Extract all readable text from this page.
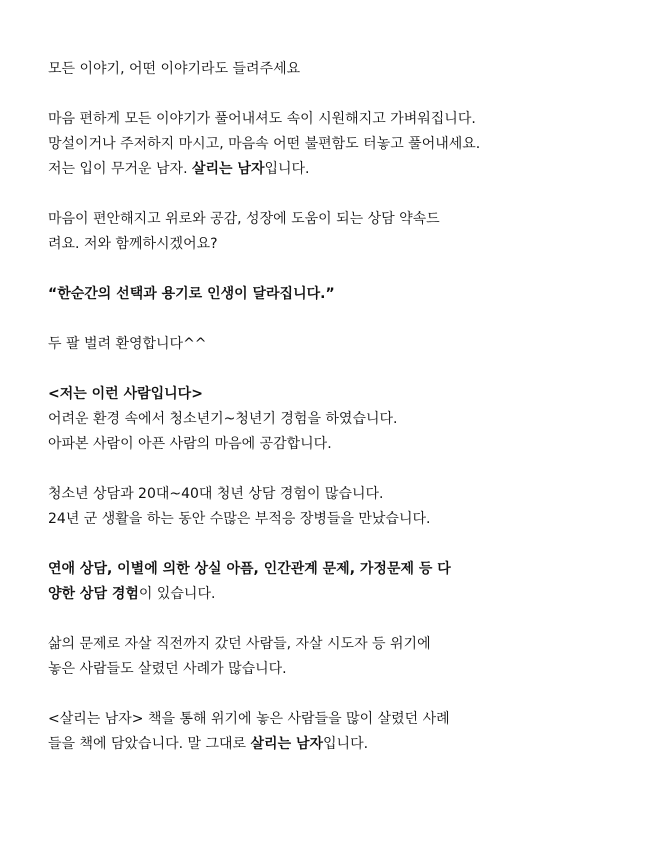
모든 이야기, 어떤 이야기라도 들려주세요

마음 편하게 모든 이야기가 풀어내셔도 속이 시원해지고 가벼워집니다.
망설이거나 주저하지 마시고, 마음속 어떤 불편함도 터놓고 풀어내세요.
저는 입이 무거운 남자. 살리는 남자입니다.

마음이 편안해지고 위로와 공감, 성장에 도움이 되는 상담 약속드
려요. 저와 함께하시겠어요?

“한순간의 선택과 용기로 인생이 달라집니다.”

두 팔 벌려 환영합니다^^

<저는 이런 사람입니다>
어려운 환경 속에서 청소년기~청년기 경험을 하였습니다.
아파본 사람이 아픈 사람의 마음에 공감합니다.

청소년 상담과 20대~40대 청년 상담 경험이 많습니다.
24년 군 생활을 하는 동안 수많은 부적응 장병들을 만났습니다.

연애 상담, 이별에 의한 상실 아픔, 인간관계 문제, 가정문제 등 다
양한 상담 경험이 있습니다.

삶의 문제로 자살 직전까지 갔던 사람들, 자살 시도자 등 위기에
놓은 사람들도 살렸던 사례가 많습니다.

<살리는 남자> 책을 통해 위기에 놓은 사람들을 많이 살렸던 사례
들을 책에 담았습니다. 말 그대로 살리는 남자입니다.
